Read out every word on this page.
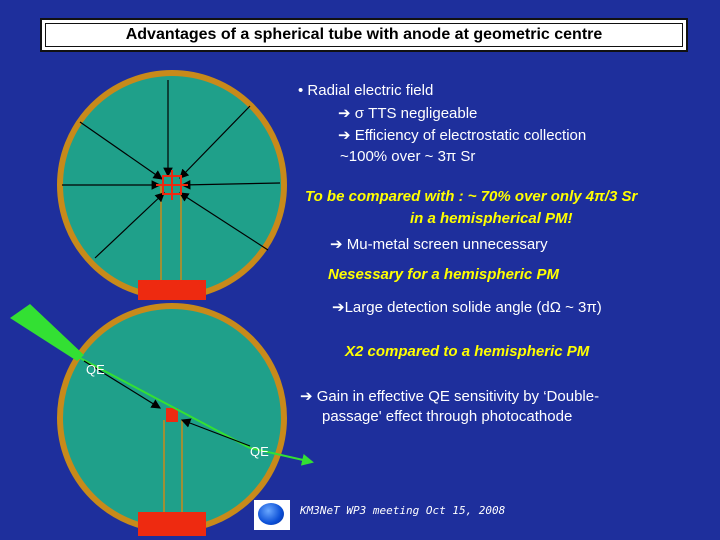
Advantages of a spherical tube with anode at geometric centre
• Radial electric field
➔ σ TTS negligeable
➔ Efficiency of electrostatic collection
~100% over ~ 3π Sr
To be compared with : ~ 70% over only 4π/3 Sr
in a hemispherical PM!
➔ Mu-metal screen unnecessary
Nesessary for a hemispheric PM
➔Large detection solide angle (dΩ ~ 3π)
X2 compared to a hemispheric PM
➔ Gain in effective QE sensitivity by ‘Double-
passage' effect through photocathode
QE
QE
KM3NeT WP3 meeting Oct 15, 2008
